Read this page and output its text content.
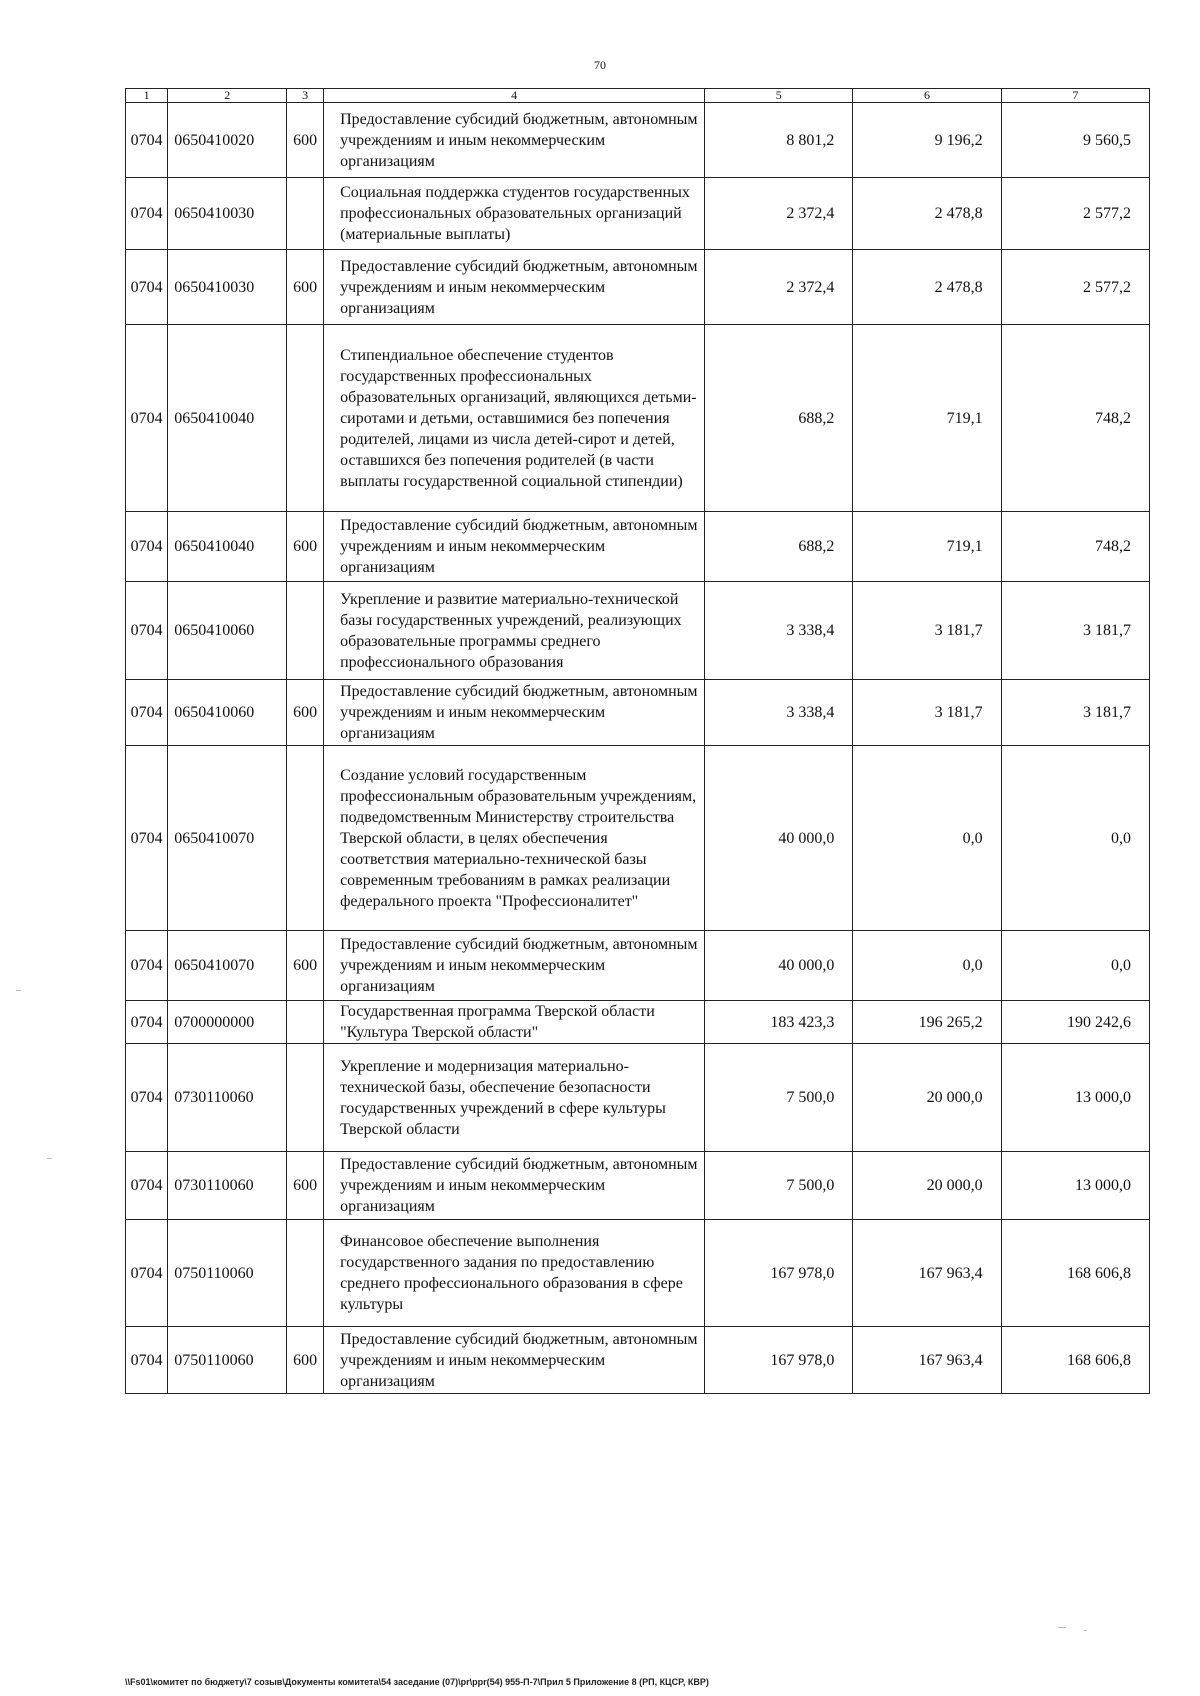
70
1	2	3	4	5	6	7
0704	0650410020	600	Предоставление субсидий бюджетным, автономным учреждениям и иным некоммерческим организациям	8 801,2	9 196,2	9 560,5
0704	0650410030		Социальная поддержка студентов государственных профессиональных образовательных организаций (материальные выплаты)	2 372,4	2 478,8	2 577,2
0704	0650410030	600	Предоставление субсидий бюджетным, автономным учреждениям и иным некоммерческим организациям	2 372,4	2 478,8	2 577,2
0704	0650410040		Стипендиальное обеспечение студентов государственных профессиональных образовательных организаций, являющихся детьми-сиротами и детьми, оставшимися без попечения родителей, лицами из числа детей-сирот и детей, оставшихся без попечения родителей (в части выплаты государственной социальной стипендии)	688,2	719,1	748,2
0704	0650410040	600	Предоставление субсидий бюджетным, автономным учреждениям и иным некоммерческим организациям	688,2	719,1	748,2
0704	0650410060		Укрепление и развитие материально-технической базы государственных учреждений, реализующих образовательные программы среднего профессионального образования	3 338,4	3 181,7	3 181,7
0704	0650410060	600	Предоставление субсидий бюджетным, автономным учреждениям и иным некоммерческим организациям	3 338,4	3 181,7	3 181,7
0704	0650410070		Создание условий государственным профессиональным образовательным учреждениям, подведомственным Министерству строительства Тверской области, в целях обеспечения соответствия материально-технической базы современным требованиям в рамках реализации федерального проекта "Профессионалитет"	40 000,0	0,0	0,0
0704	0650410070	600	Предоставление субсидий бюджетным, автономным учреждениям и иным некоммерческим организациям	40 000,0	0,0	0,0
0704	0700000000		Государственная программа Тверской области "Культура Тверской области"	183 423,3	196 265,2	190 242,6
0704	0730110060		Укрепление и модернизация материально-технической базы, обеспечение безопасности государственных учреждений в сфере культуры Тверской области	7 500,0	20 000,0	13 000,0
0704	0730110060	600	Предоставление субсидий бюджетным, автономным учреждениям и иным некоммерческим организациям	7 500,0	20 000,0	13 000,0
0704	0750110060		Финансовое обеспечение выполнения государственного задания по предоставлению среднего профессионального образования в сфере культуры	167 978,0	167 963,4	168 606,8
0704	0750110060	600	Предоставление субсидий бюджетным, автономным учреждениям и иным некоммерческим организациям	167 978,0	167 963,4	168 606,8
\\Fs01\комитет по бюджету\7 созыв\Документы комитета\54 заседание (07)\pr\ppr(54) 955-П-7\Прил 5 Приложение 8 (РП, КЦСР, КВР)
